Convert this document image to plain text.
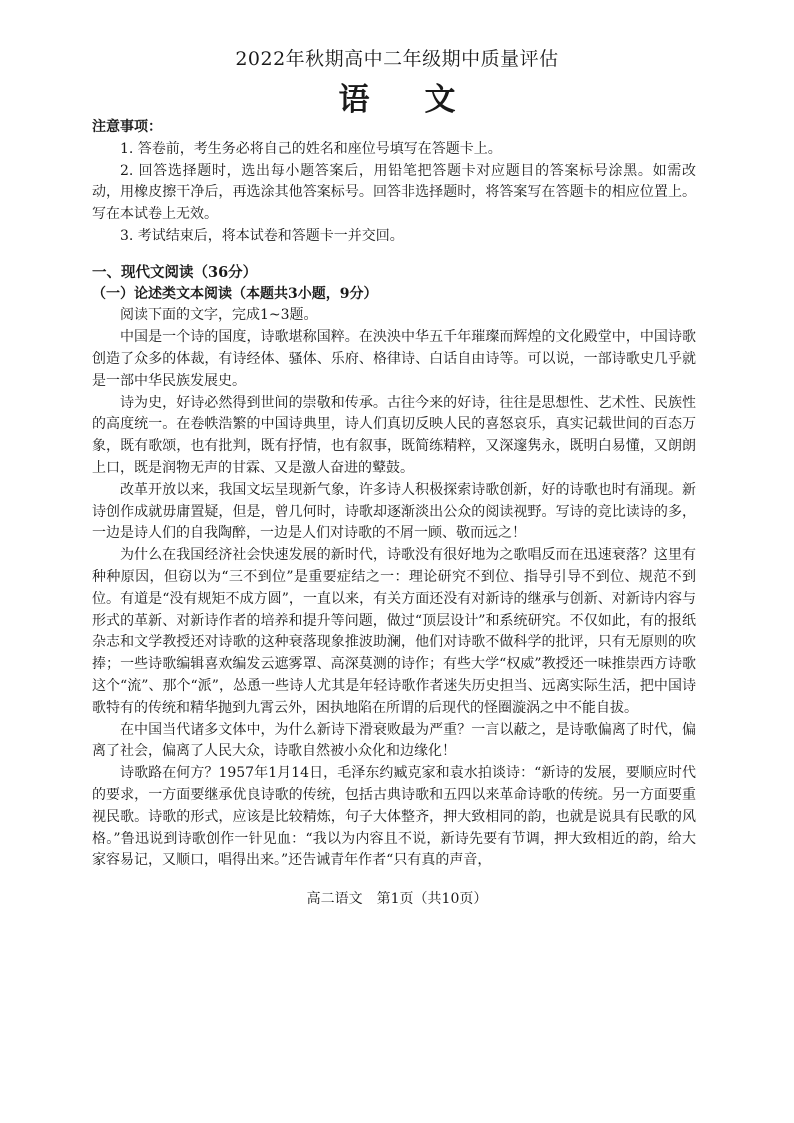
2022年秋期高中二年级期中质量评估
语文

注意事项：

1. 答卷前，考生务必将自己的姓名和座位号填写在答题卡上。

2. 回答选择题时，选出每小题答案后，用铅笔把答题卡对应题目的答案标号涂黑。如需改动，用橡皮擦干净后，再选涂其他答案标号。回答非选择题时，将答案写在答题卡的相应位置上。写在本试卷上无效。

3. 考试结束后，将本试卷和答题卡一并交回。

一、现代文阅读（36分）

（一）论述类文本阅读（本题共3小题，9分）

阅读下面的文字，完成1~3题。

中国是一个诗的国度，诗歌堪称国粹。在泱泱中华五千年璀璨而辉煌的文化殿堂中，中国诗歌创造了众多的体裁，有诗经体、骚体、乐府、格律诗、白话自由诗等。可以说，一部诗歌史几乎就是一部中华民族发展史。

诗为史，好诗必然得到世间的崇敬和传承。古往今来的好诗，往往是思想性、艺术性、民族性的高度统一。在卷帙浩繁的中国诗典里，诗人们真切反映人民的喜怒哀乐，真实记载世间的百态万象，既有歌颂，也有批判，既有抒情，也有叙事，既简练精粹，又深邃隽永，既明白易懂，又朗朗上口，既是润物无声的甘霖、又是激人奋进的鼙鼓。

改革开放以来，我国文坛呈现新气象，许多诗人积极探索诗歌创新，好的诗歌也时有涌现。新诗创作成就毋庸置疑，但是，曾几何时，诗歌却逐渐淡出公众的阅读视野。写诗的竞比读诗的多，一边是诗人们的自我陶醉，一边是人们对诗歌的不屑一顾、敬而远之！

为什么在我国经济社会快速发展的新时代，诗歌没有很好地为之歌唱反而在迅速衰落？这里有种种原因，但窃以为“三不到位”是重要症结之一：理论研究不到位、指导引导不到位、规范不到位。有道是“没有规矩不成方圆”，一直以来，有关方面还没有对新诗的继承与创新、对新诗内容与形式的革新、对新诗作者的培养和提升等问题，做过“顶层设计”和系统研究。不仅如此，有的报纸杂志和文学教授还对诗歌的这种衰落现象推波助澜，他们对诗歌不做科学的批评，只有无原则的吹捧；一些诗歌编辑喜欢编发云遮雾罩、高深莫测的诗作；有些大学“权威”教授还一味推崇西方诗歌这个“流”、那个“派”，怂恿一些诗人尤其是年轻诗歌作者迷失历史担当、远离实际生活，把中国诗歌特有的传统和精华抛到九霄云外，困执地陷在所谓的后现代的怪圈漩涡之中不能自拔。

在中国当代诸多文体中，为什么新诗下滑衰败最为严重？一言以蔽之，是诗歌偏离了时代，偏离了社会，偏离了人民大众，诗歌自然被小众化和边缘化！

诗歌路在何方？1957年1月14日，毛泽东约臧克家和袁水拍谈诗：“新诗的发展，要顺应时代的要求，一方面要继承优良诗歌的传统，包括古典诗歌和五四以来革命诗歌的传统。另一方面要重视民歌。诗歌的形式，应该是比较精炼，句子大体整齐，押大致相同的韵，也就是说具有民歌的风格。”鲁迅说到诗歌创作一针见血：“我以为内容且不说，新诗先要有节调，押大致相近的韵，给大家容易记，又顺口，唱得出来。”还告诫青年作者“只有真的声音，

高二语文　第1页（共10页）
